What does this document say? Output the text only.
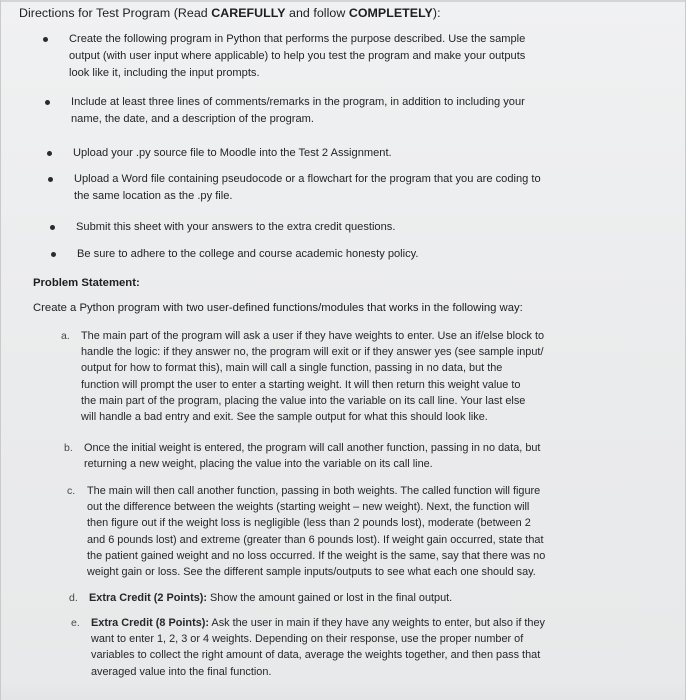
Directions for Test Program (Read CAREFULLY and follow COMPLETELY):
Create the following program in Python that performs the purpose described. Use the sample
output (with user input where applicable) to help you test the program and make your outputs
look like it, including the input prompts.
Include at least three lines of comments/remarks in the program, in addition to including your
name, the date, and a description of the program.
Upload your .py source file to Moodle into the Test 2 Assignment.
Upload a Word file containing pseudocode or a flowchart for the program that you are coding to
the same location as the .py file.
Submit this sheet with your answers to the extra credit questions.
Be sure to adhere to the college and course academic honesty policy.
Problem Statement:
Create a Python program with two user-defined functions/modules that works in the following way:
a. The main part of the program will ask a user if they have weights to enter. Use an if/else block to
handle the logic: if they answer no, the program will exit or if they answer yes (see sample input/
output for how to format this), main will call a single function, passing in no data, but the
function will prompt the user to enter a starting weight. It will then return this weight value to
the main part of the program, placing the value into the variable on its call line. Your last else
will handle a bad entry and exit. See the sample output for what this should look like.
b. Once the initial weight is entered, the program will call another function, passing in no data, but
returning a new weight, placing the value into the variable on its call line.
c. The main will then call another function, passing in both weights. The called function will figure
out the difference between the weights (starting weight – new weight). Next, the function will
then figure out if the weight loss is negligible (less than 2 pounds lost), moderate (between 2
and 6 pounds lost) and extreme (greater than 6 pounds lost). If weight gain occurred, state that
the patient gained weight and no loss occurred. If the weight is the same, say that there was no
weight gain or loss. See the different sample inputs/outputs to see what each one should say.
d. Extra Credit (2 Points): Show the amount gained or lost in the final output.
e. Extra Credit (8 Points): Ask the user in main if they have any weights to enter, but also if they
want to enter 1, 2, 3 or 4 weights. Depending on their response, use the proper number of
variables to collect the right amount of data, average the weights together, and then pass that
averaged value into the final function.
